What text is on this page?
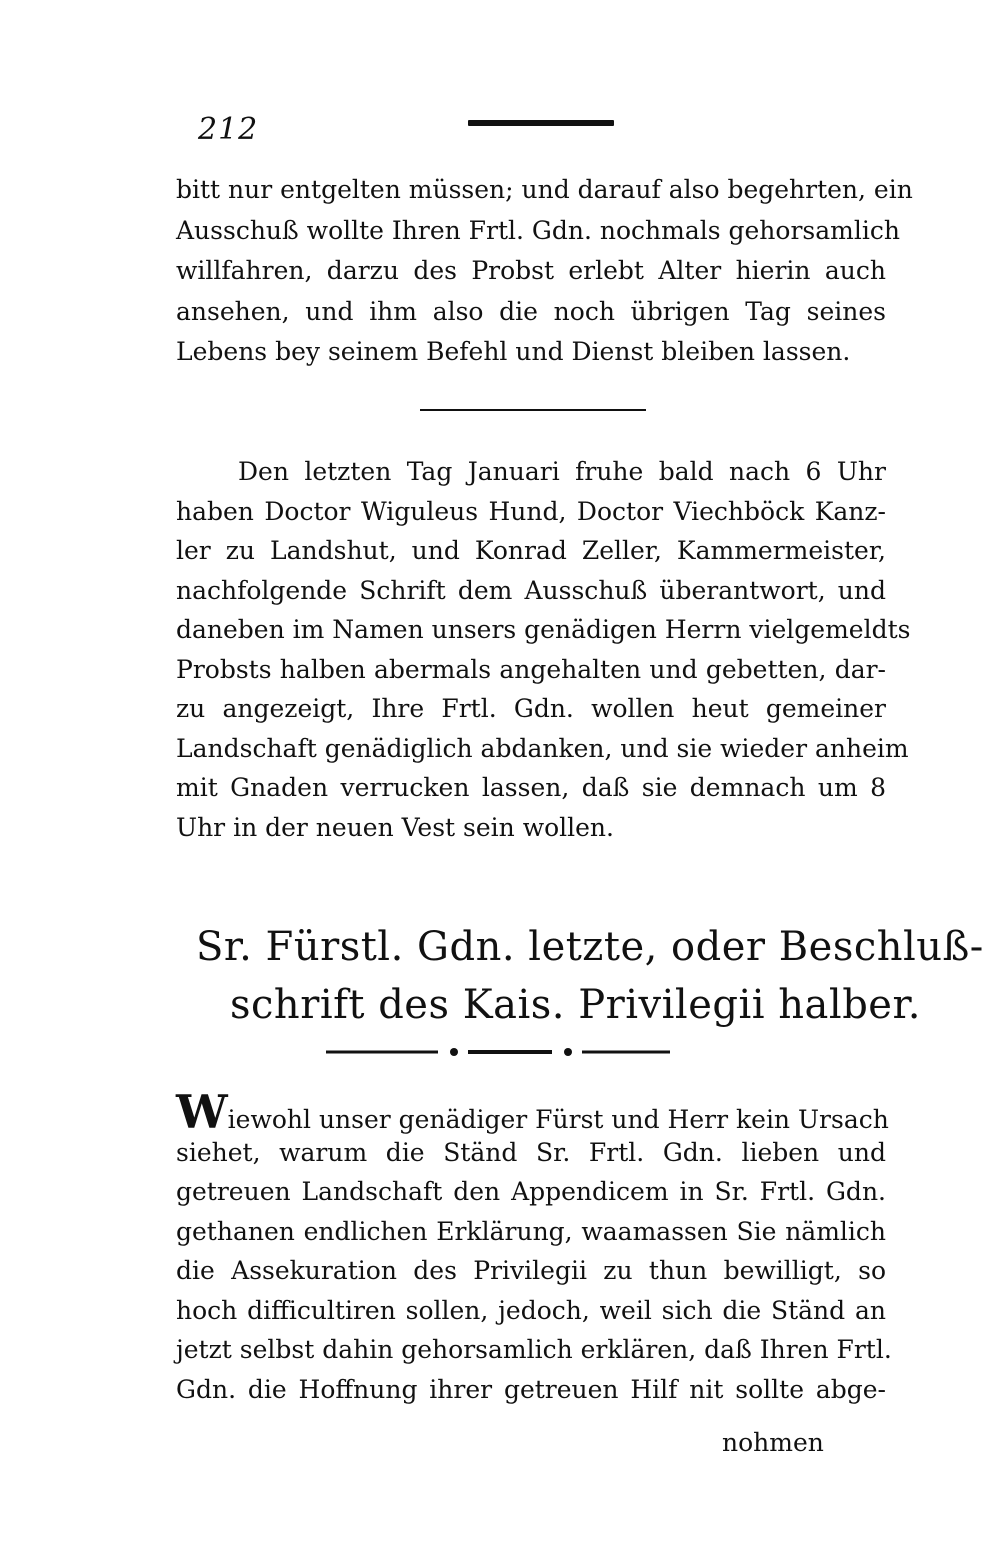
212
bitt nur entgelten müssen; und darauf also begehrten, ein
Ausschuß wollte Ihren Frtl. Gdn. nochmals gehorsamlich
willfahren, darzu des Probst erlebt Alter hierin auch
ansehen, und ihm also die noch übrigen Tag seines
Lebens bey seinem Befehl und Dienst bleiben lassen.
Den letzten Tag Januari fruhe bald nach 6 Uhr
haben Doctor Wiguleus Hund, Doctor Viechböck Kanz-
ler zu Landshut, und Konrad Zeller, Kammermeister,
nachfolgende Schrift dem Ausschuß überantwort, und
daneben im Namen unsers genädigen Herrn vielgemeldts
Probsts halben abermals angehalten und gebetten, dar-
zu angezeigt, Ihre Frtl. Gdn. wollen heut gemeiner
Landschaft genädiglich abdanken, und sie wieder anheim
mit Gnaden verrucken lassen, daß sie demnach um 8
Uhr in der neuen Vest sein wollen.
Sr. Fürstl. Gdn. letzte, oder Beschluß-
schrift des Kais. Privilegii halber.
Wiewohl unser genädiger Fürst und Herr kein Ursach
siehet, warum die Ständ Sr. Frtl. Gdn. lieben und
getreuen Landschaft den Appendicem in Sr. Frtl. Gdn.
gethanen endlichen Erklärung, waamassen Sie nämlich
die Assekuration des Privilegii zu thun bewilligt, so
hoch difficultiren sollen, jedoch, weil sich die Ständ an
jetzt selbst dahin gehorsamlich erklären, daß Ihren Frtl.
Gdn. die Hoffnung ihrer getreuen Hilf nit sollte abge-
nohmen
